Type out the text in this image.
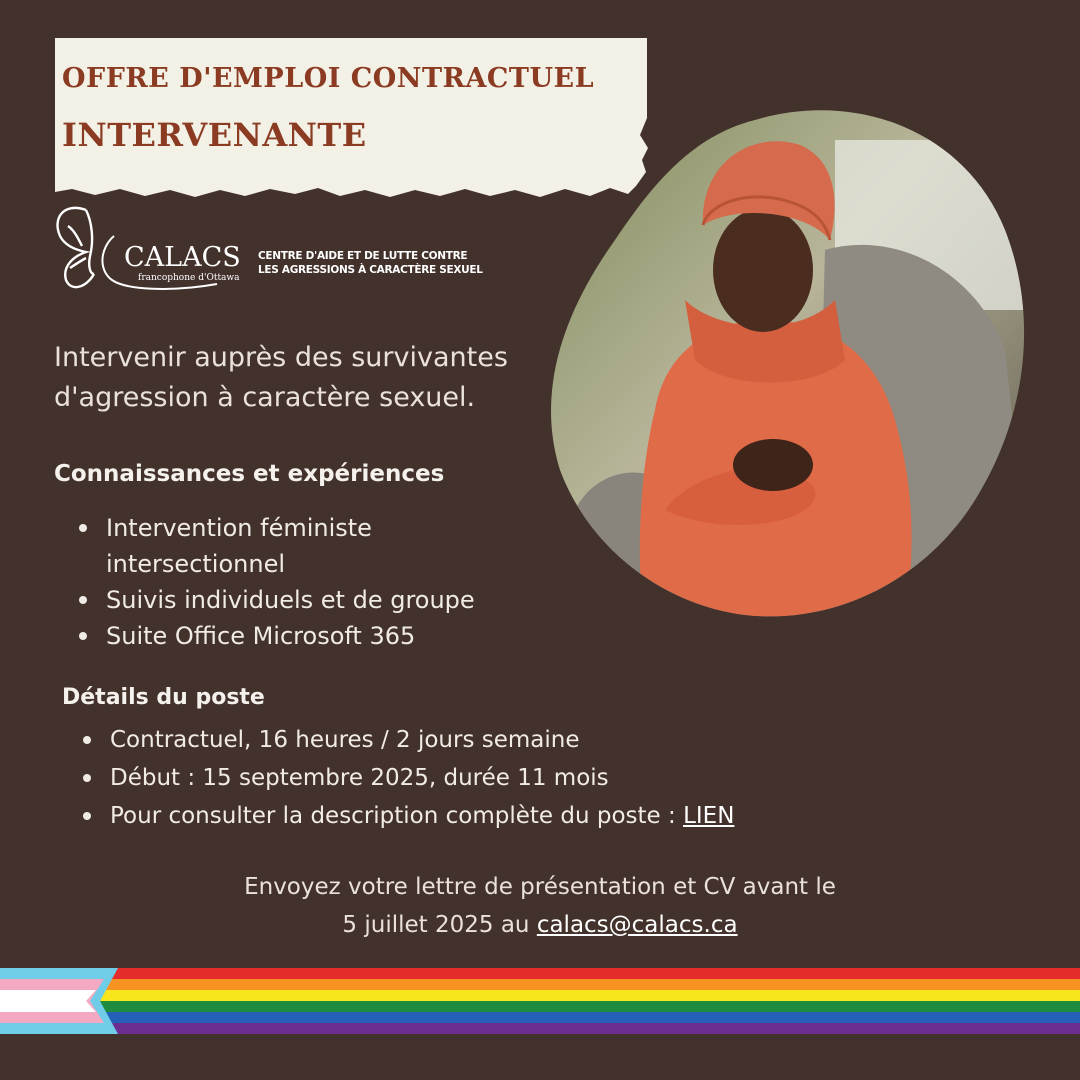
OFFRE D'EMPLOI CONTRACTUEL
INTERVENANTE
CALACS
francophone d'Ottawa
CENTRE D'AIDE ET DE LUTTE CONTRE
LES AGRESSIONS À CARACTÈRE SEXUEL
Intervenir auprès des survivantes d'agression à caractère sexuel.
Connaissances et expériences
Intervention féministe intersectionnel
Suivis individuels et de groupe
Suite Office Microsoft 365
Détails du poste
Contractuel, 16 heures / 2 jours semaine
Début : 15 septembre 2025, durée 11 mois
Pour consulter la description complète du poste : LIEN
Envoyez votre lettre de présentation et CV avant le
5 juillet 2025 au calacs@calacs.ca
